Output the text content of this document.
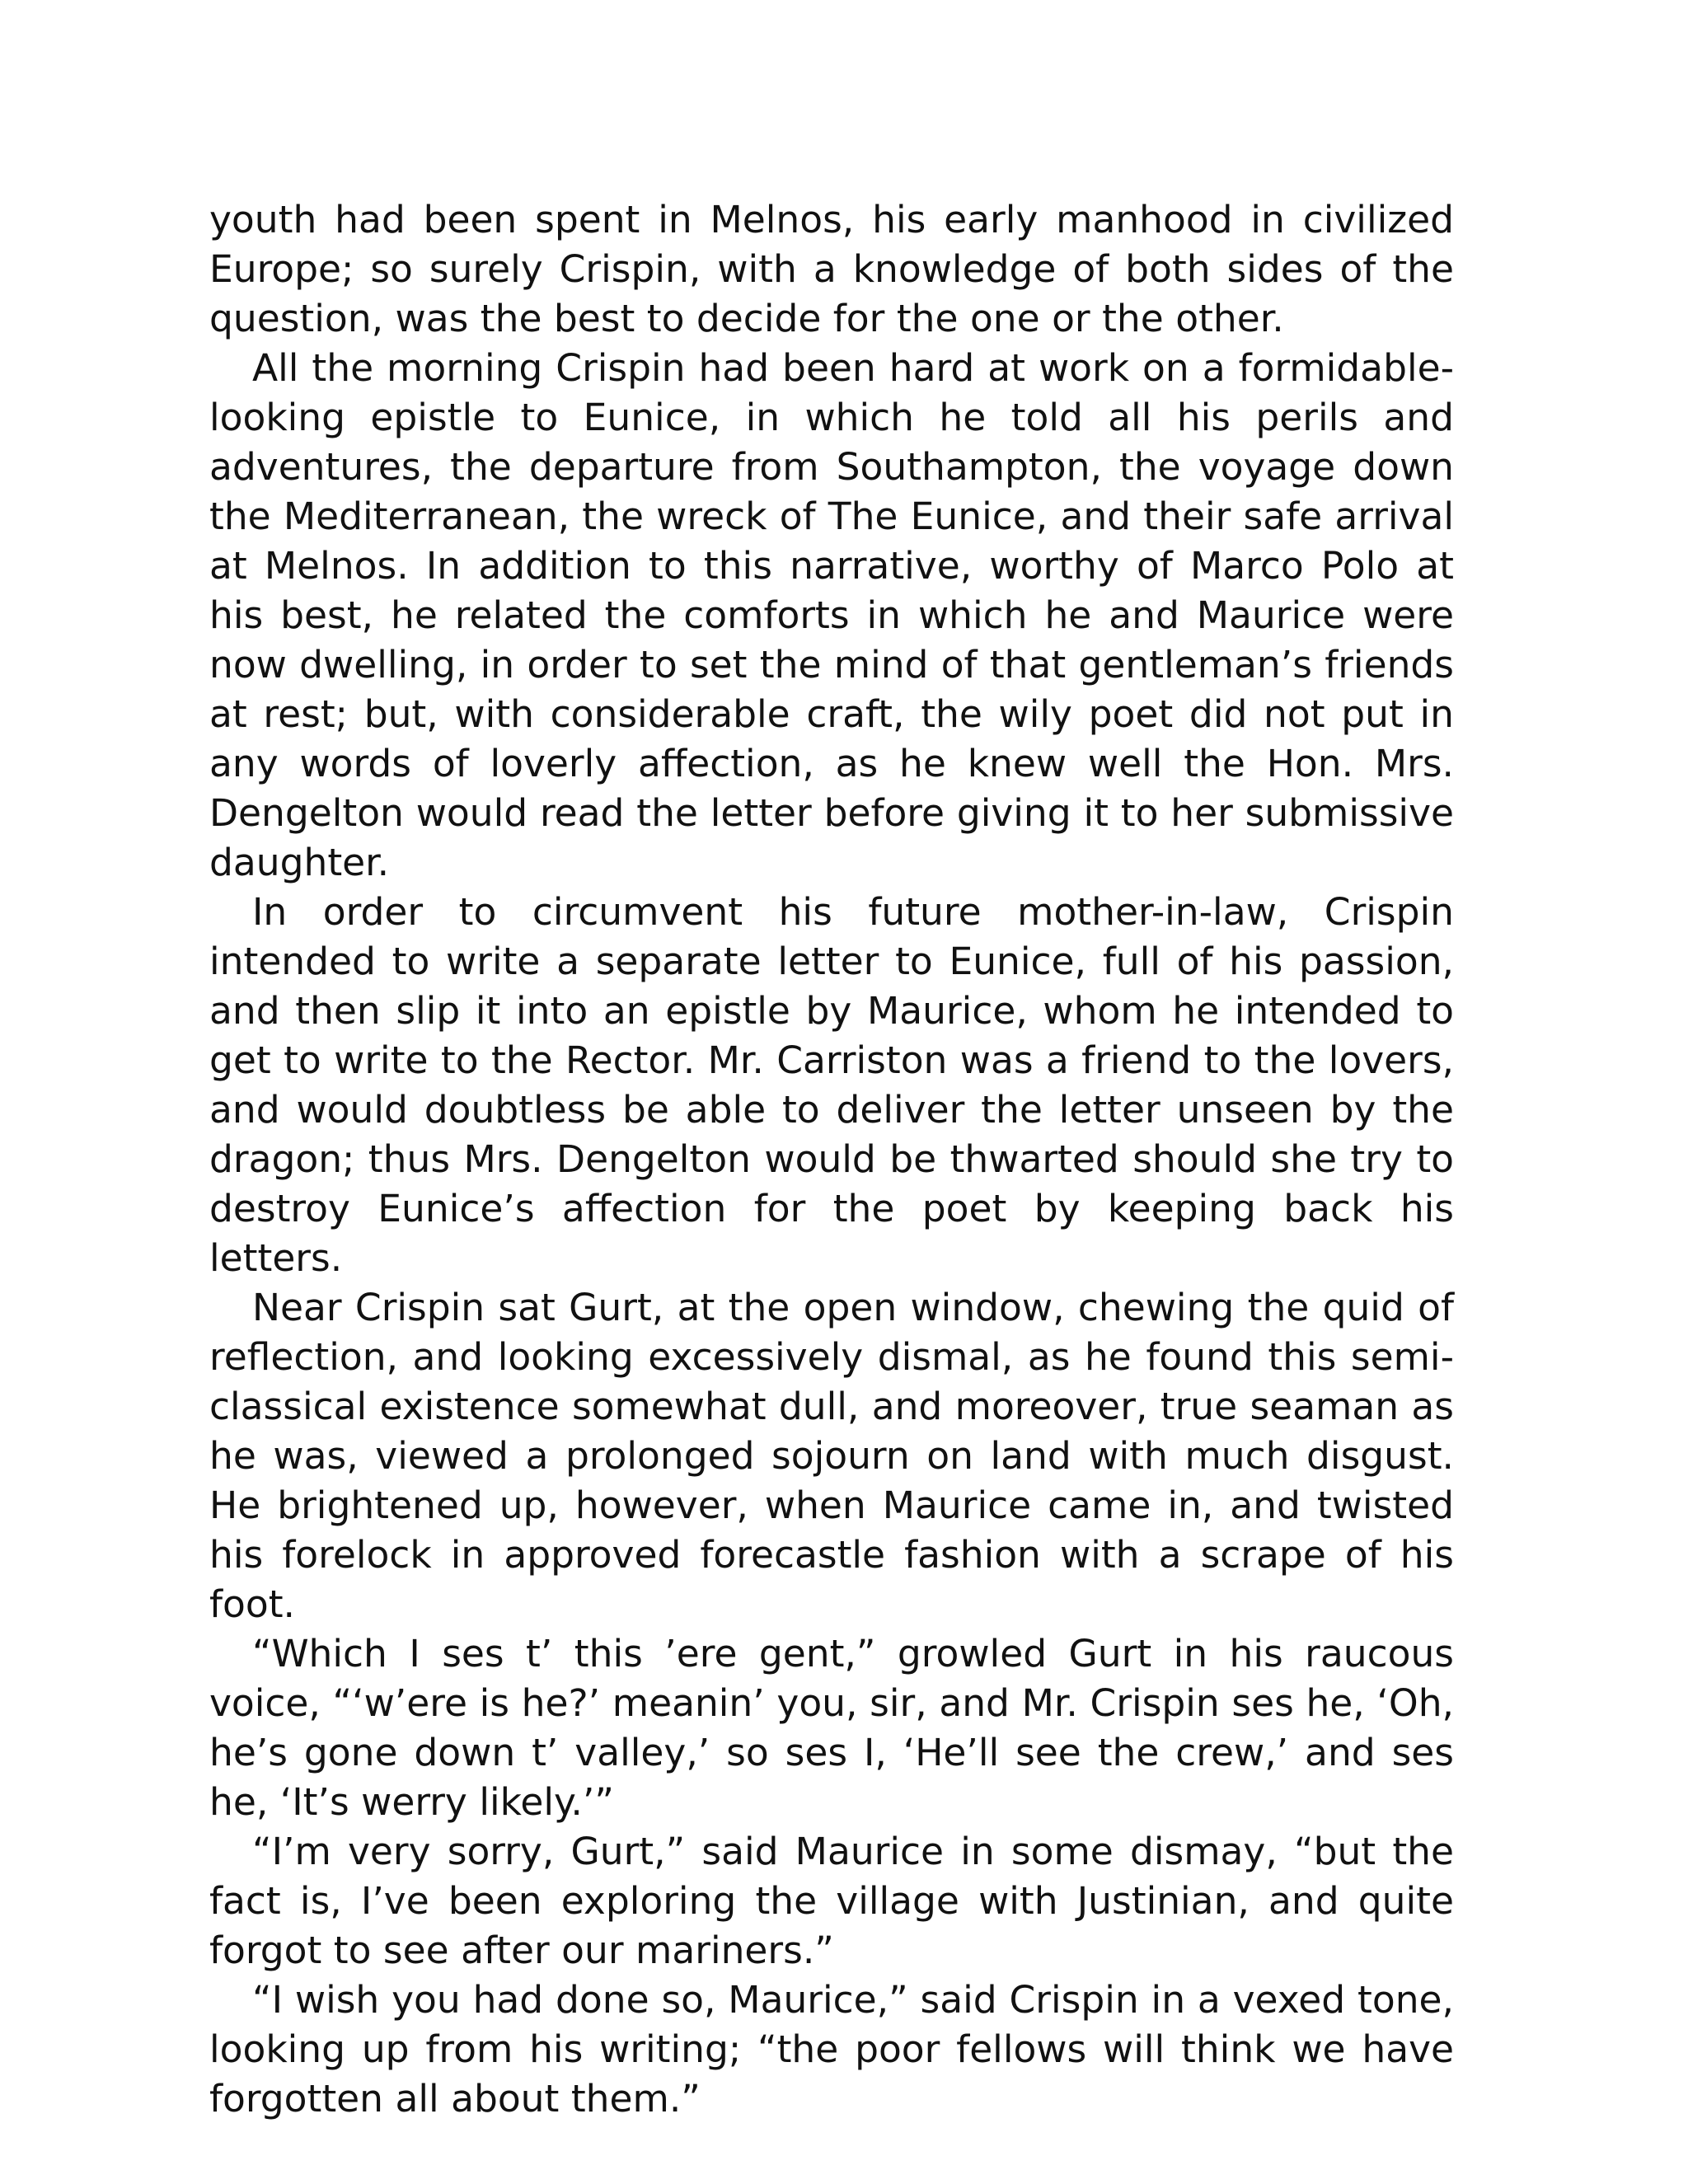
youth had been spent in Melnos, his early manhood in civilized Europe; so surely Crispin, with a knowledge of both sides of the question, was the best to decide for the one or the other.

All the morning Crispin had been hard at work on a formidable-looking epistle to Eunice, in which he told all his perils and adventures, the departure from Southampton, the voyage down the Mediterranean, the wreck of The Eunice, and their safe arrival at Melnos. In addition to this narrative, worthy of Marco Polo at his best, he related the comforts in which he and Maurice were now dwelling, in order to set the mind of that gentleman’s friends at rest; but, with considerable craft, the wily poet did not put in any words of loverly affection, as he knew well the Hon. Mrs. Dengelton would read the letter before giving it to her submissive daughter.

In order to circumvent his future mother-in-law, Crispin intended to write a separate letter to Eunice, full of his passion, and then slip it into an epistle by Maurice, whom he intended to get to write to the Rector. Mr. Carriston was a friend to the lovers, and would doubtless be able to deliver the letter unseen by the dragon; thus Mrs. Dengelton would be thwarted should she try to destroy Eunice’s affection for the poet by keeping back his letters.

Near Crispin sat Gurt, at the open window, chewing the quid of reflection, and looking excessively dismal, as he found this semi-classical existence somewhat dull, and moreover, true seaman as he was, viewed a prolonged sojourn on land with much disgust. He brightened up, however, when Maurice came in, and twisted his forelock in approved forecastle fashion with a scrape of his foot.

“Which I ses t’ this ’ere gent,” growled Gurt in his raucous voice, “‘w’ere is he?’ meanin’ you, sir, and Mr. Crispin ses he, ‘Oh, he’s gone down t’ valley,’ so ses I, ‘He’ll see the crew,’ and ses he, ‘It’s werry likely.’”

“I’m very sorry, Gurt,” said Maurice in some dismay, “but the fact is, I’ve been exploring the village with Justinian, and quite forgot to see after our mariners.”

“I wish you had done so, Maurice,” said Crispin in a vexed tone, looking up from his writing; “the poor fellows will think we have forgotten all about them.”
